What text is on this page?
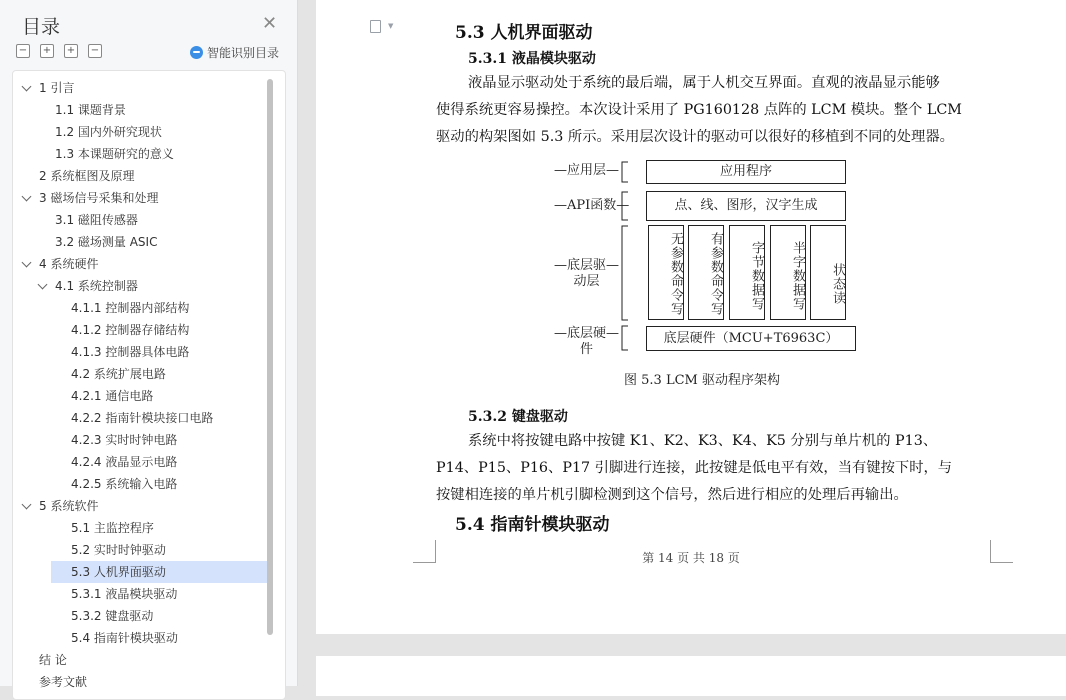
目录	✕
− + + −	智能识别目录
1 引言
1.1 课题背景
1.2 国内外研究现状
1.3 本课题研究的意义
2 系统框图及原理
3 磁场信号采集和处理
3.1 磁阻传感器
3.2 磁场测量 ASIC
4 系统硬件
4.1 系统控制器
4.1.1 控制器内部结构
4.1.2 控制器存储结构
4.1.3 控制器具体电路
4.2 系统扩展电路
4.2.1 通信电路
4.2.2 指南针模块接口电路
4.2.3 实时时钟电路
4.2.4 液晶显示电路
4.2.5 系统输入电路
5 系统软件
5.1 主监控程序
5.2 实时时钟驱动
5.3 人机界面驱动
5.3.1 液晶模块驱动
5.3.2 键盘驱动
5.4 指南针模块驱动
结 论
参考文献
▼	5.3 人机界面驱动
5.3.1 液晶模块驱动
液晶显示驱动处于系统的最后端，属于人机交互界面。直观的液晶显示能够
使得系统更容易操控。本次设计采用了 PG160128 点阵的 LCM 模块。整个 LCM
驱动的构架图如 5.3 所示。采用层次设计的驱动可以很好的移植到不同的处理器。
—应用层—
—API函数—
—底层驱—
动层
—底层硬—
件
应用程序
点、线、图形，汉字生成
无参数命令写	有参数命令写	字节数据写	半字数据写	状态读
底层硬件（MCU+T6963C）
图 5.3 LCM 驱动程序架构
5.3.2 键盘驱动
系统中将按键电路中按键 K1、K2、K3、K4、K5 分别与单片机的 P13、
P14、P15、P16、P17 引脚进行连接，此按键是低电平有效，当有键按下时，与
按键相连接的单片机引脚检测到这个信号，然后进行相应的处理后再输出。
5.4 指南针模块驱动
第 14 页 共 18 页
